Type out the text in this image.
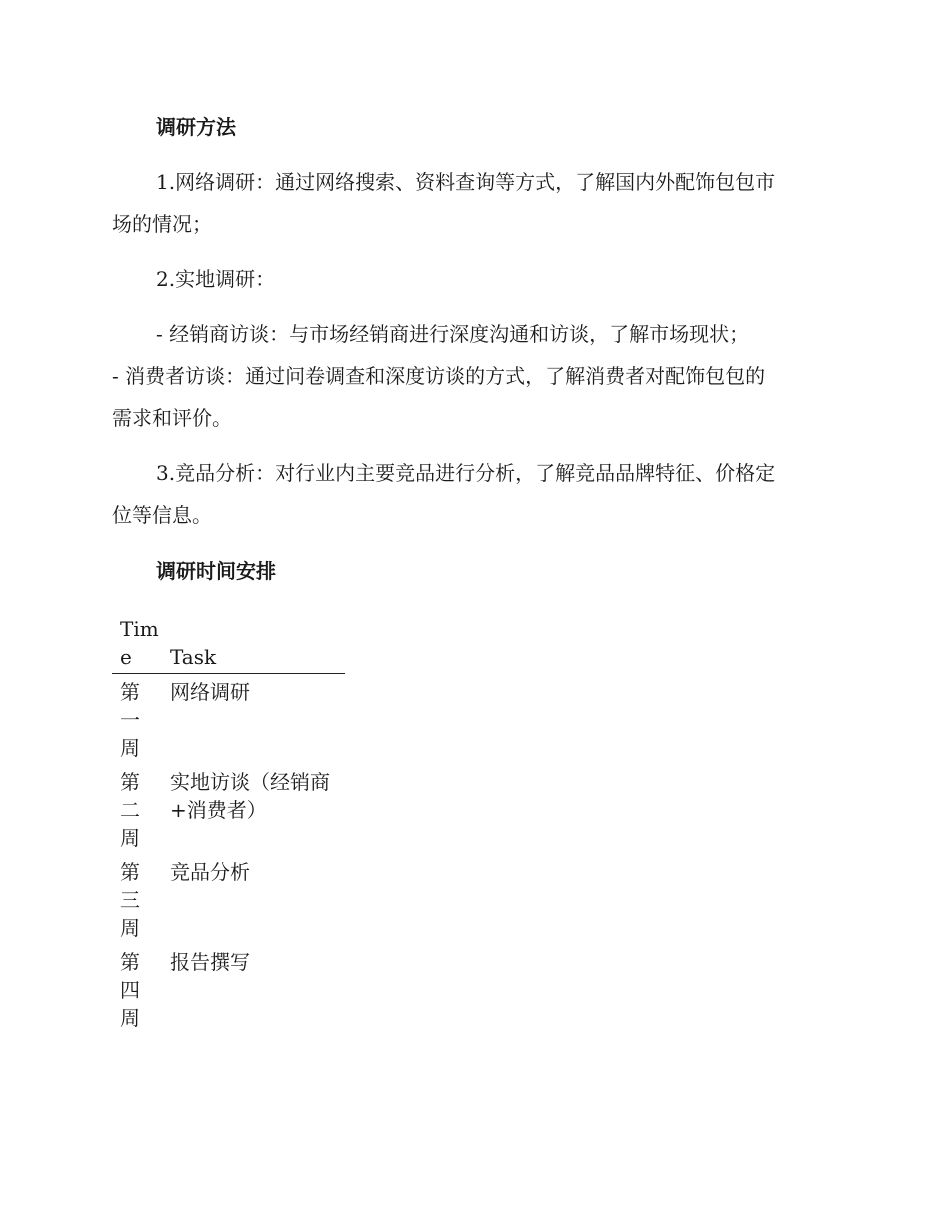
调研方法
1.网络调研：通过网络搜索、资料查询等方式，了解国内外配饰包包市
场的情况；
2.实地调研：
- 经销商访谈：与市场经销商进行深度沟通和访谈，了解市场现状；
- 消费者访谈：通过问卷调查和深度访谈的方式，了解消费者对配饰包包的
需求和评价。
3.竞品分析：对行业内主要竞品进行分析，了解竞品品牌特征、价格定
位等信息。
调研时间安排
Tim
e	Task
第
一
周
网络调研
第
二
周
实地访谈（经销商+消费者）
第
三
周
竞品分析
第
四
周
报告撰写
